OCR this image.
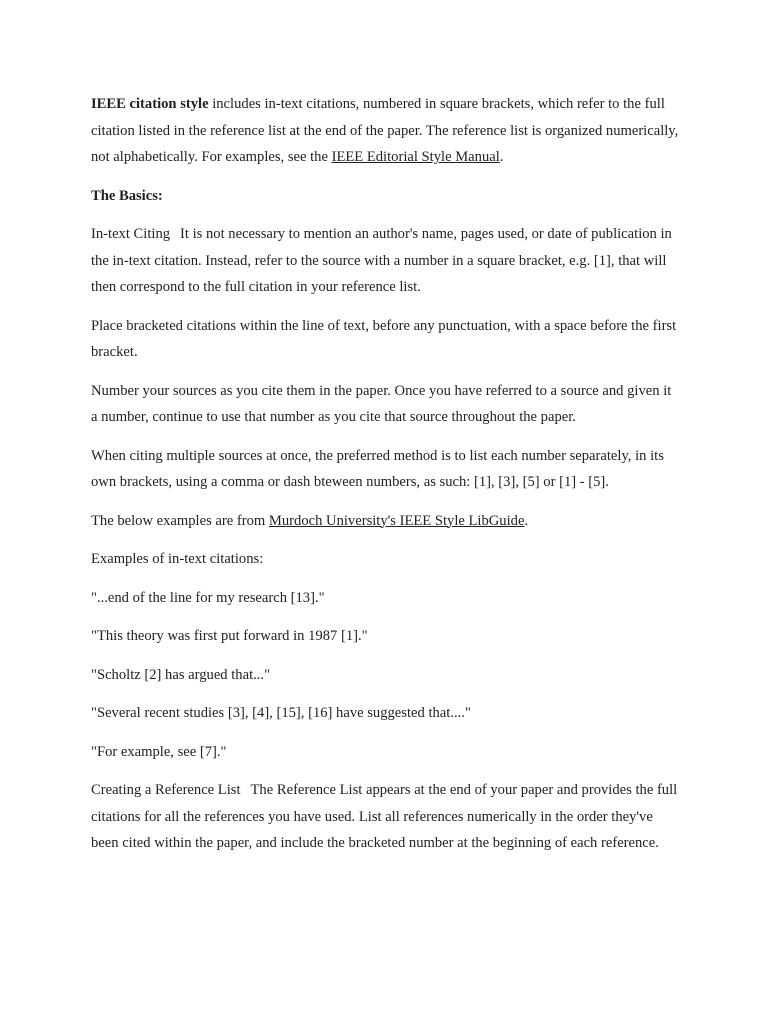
IEEE citation style includes in-text citations, numbered in square brackets, which refer to the full citation listed in the reference list at the end of the paper. The reference list is organized numerically, not alphabetically. For examples, see the IEEE Editorial Style Manual.

The Basics:

In-text Citing It is not necessary to mention an author's name, pages used, or date of publication in the in-text citation. Instead, refer to the source with a number in a square bracket, e.g. [1], that will then correspond to the full citation in your reference list.

Place bracketed citations within the line of text, before any punctuation, with a space before the first bracket.

Number your sources as you cite them in the paper. Once you have referred to a source and given it a number, continue to use that number as you cite that source throughout the paper.

When citing multiple sources at once, the preferred method is to list each number separately, in its own brackets, using a comma or dash bteween numbers, as such: [1], [3], [5] or [1] - [5].

The below examples are from Murdoch University's IEEE Style LibGuide.

Examples of in-text citations:

"...end of the line for my research [13]."

"This theory was first put forward in 1987 [1]."

"Scholtz [2] has argued that..."

"Several recent studies [3], [4], [15], [16] have suggested that...."

"For example, see [7]."

Creating a Reference List The Reference List appears at the end of your paper and provides the full citations for all the references you have used. List all references numerically in the order they've been cited within the paper, and include the bracketed number at the beginning of each reference.
